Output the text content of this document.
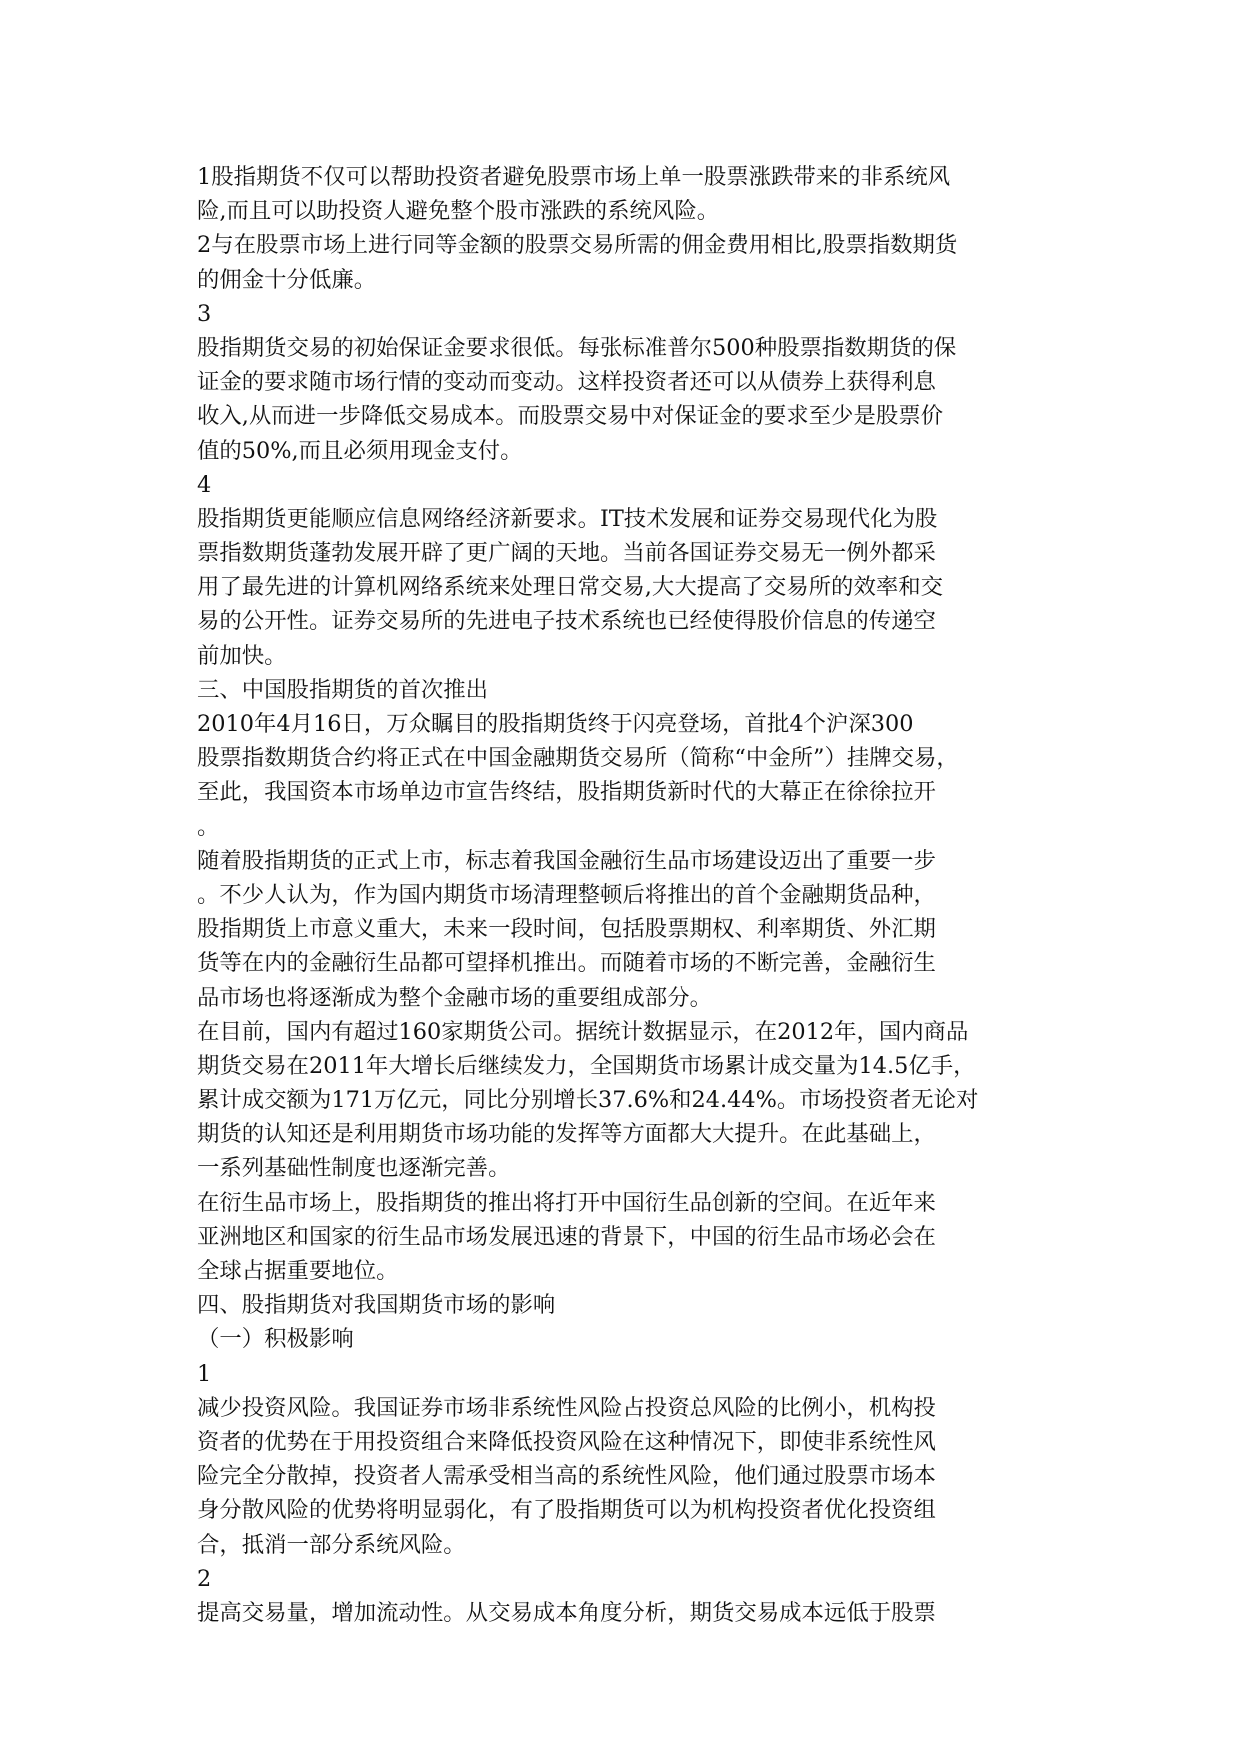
1股指期货不仅可以帮助投资者避免股票市场上单一股票涨跌带来的非系统风
险,而且可以助投资人避免整个股市涨跌的系统风险。
2与在股票市场上进行同等金额的股票交易所需的佣金费用相比,股票指数期货
的佣金十分低廉。
3
股指期货交易的初始保证金要求很低。每张标准普尔500种股票指数期货的保
证金的要求随市场行情的变动而变动。这样投资者还可以从债券上获得利息
收入,从而进一步降低交易成本。而股票交易中对保证金的要求至少是股票价
值的50%,而且必须用现金支付。
4
股指期货更能顺应信息网络经济新要求。IT技术发展和证券交易现代化为股
票指数期货蓬勃发展开辟了更广阔的天地。当前各国证券交易无一例外都采
用了最先进的计算机网络系统来处理日常交易,大大提高了交易所的效率和交
易的公开性。证券交易所的先进电子技术系统也已经使得股价信息的传递空
前加快。
三、中国股指期货的首次推出
2010年4月16日，万众瞩目的股指期货终于闪亮登场，首批4个沪深300
股票指数期货合约将正式在中国金融期货交易所（简称“中金所”）挂牌交易，
至此，我国资本市场单边市宣告终结，股指期货新时代的大幕正在徐徐拉开
。
随着股指期货的正式上市，标志着我国金融衍生品市场建设迈出了重要一步
。不少人认为，作为国内期货市场清理整顿后将推出的首个金融期货品种，
股指期货上市意义重大，未来一段时间，包括股票期权、利率期货、外汇期
货等在内的金融衍生品都可望择机推出。而随着市场的不断完善，金融衍生
品市场也将逐渐成为整个金融市场的重要组成部分。
在目前，国内有超过160家期货公司。据统计数据显示，在2012年，国内商品
期货交易在2011年大增长后继续发力，全国期货市场累计成交量为14.5亿手，
累计成交额为171万亿元，同比分别增长37.6%和24.44%。市场投资者无论对
期货的认知还是利用期货市场功能的发挥等方面都大大提升。在此基础上，
一系列基础性制度也逐渐完善。
在衍生品市场上，股指期货的推出将打开中国衍生品创新的空间。在近年来
亚洲地区和国家的衍生品市场发展迅速的背景下，中国的衍生品市场必会在
全球占据重要地位。
四、股指期货对我国期货市场的影响
（一）积极影响
1
减少投资风险。我国证券市场非系统性风险占投资总风险的比例小，机构投
资者的优势在于用投资组合来降低投资风险在这种情况下，即使非系统性风
险完全分散掉，投资者人需承受相当高的系统性风险，他们通过股票市场本
身分散风险的优势将明显弱化，有了股指期货可以为机构投资者优化投资组
合，抵消一部分系统风险。
2
提高交易量，增加流动性。从交易成本角度分析，期货交易成本远低于股票
